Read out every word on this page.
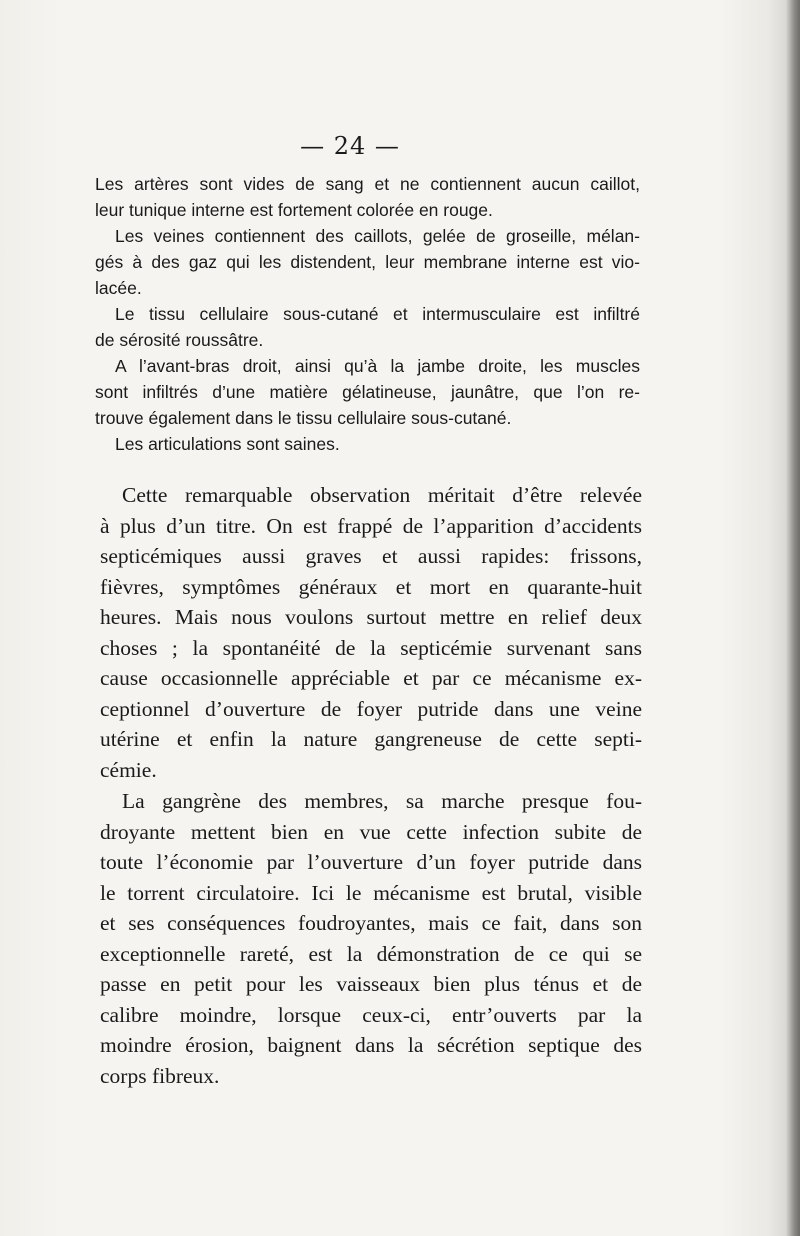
— 24 —
Les artères sont vides de sang et ne contiennent aucun caillot,
leur tunique interne est fortement colorée en rouge.
Les veines contiennent des caillots, gelée de groseille, mélan-
gés à des gaz qui les distendent, leur membrane interne est vio-
lacée.
Le tissu cellulaire sous-cutané et intermusculaire est infiltré
de sérosité roussâtre.
A l’avant-bras droit, ainsi qu’à la jambe droite, les muscles
sont infiltrés d’une matière gélatineuse, jaunâtre, que l’on re-
trouve également dans le tissu cellulaire sous-cutané.
Les articulations sont saines.
Cette remarquable observation méritait d’être relevée
à plus d’un titre. On est frappé de l’apparition d’accidents
septicémiques aussi graves et aussi rapides: frissons,
fièvres, symptômes généraux et mort en quarante-huit
heures. Mais nous voulons surtout mettre en relief deux
choses ; la spontanéité de la septicémie survenant sans
cause occasionnelle appréciable et par ce mécanisme ex-
ceptionnel d’ouverture de foyer putride dans une veine
utérine et enfin la nature gangreneuse de cette septi-
cémie.
La gangrène des membres, sa marche presque fou-
droyante mettent bien en vue cette infection subite de
toute l’économie par l’ouverture d’un foyer putride dans
le torrent circulatoire. Ici le mécanisme est brutal, visible
et ses conséquences foudroyantes, mais ce fait, dans son
exceptionnelle rareté, est la démonstration de ce qui se
passe en petit pour les vaisseaux bien plus ténus et de
calibre moindre, lorsque ceux-ci, entr’ouverts par la
moindre érosion, baignent dans la sécrétion septique des
corps fibreux.
